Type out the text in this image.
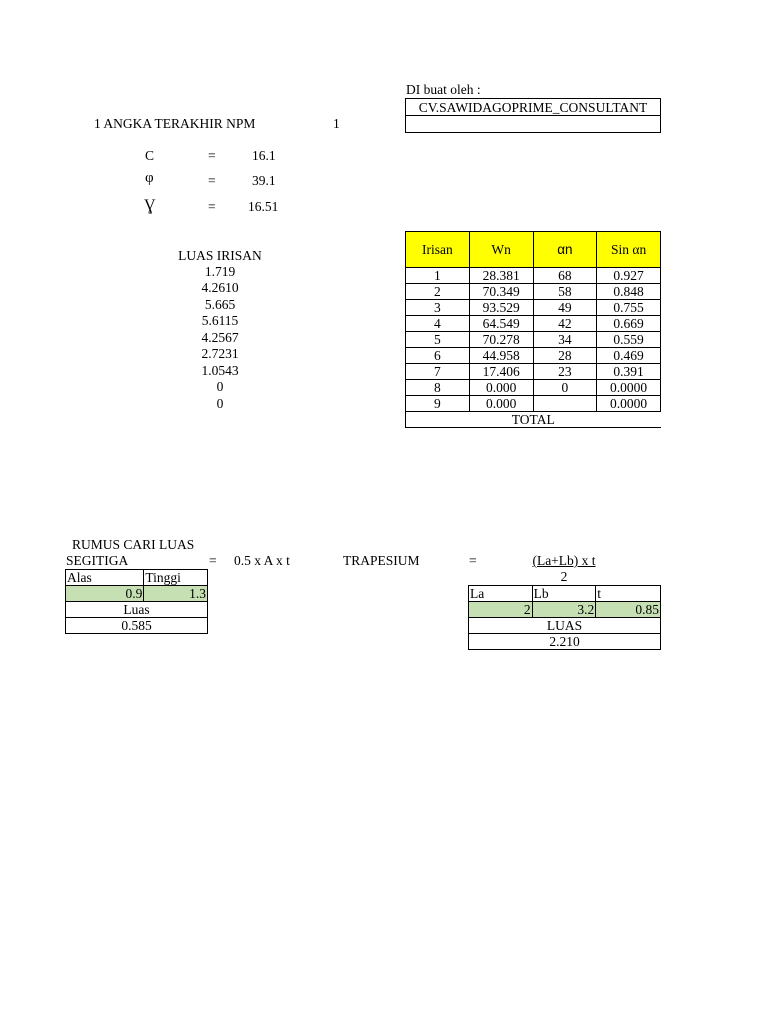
DI buat oleh :
CV.SAWIDAGOPRIME_CONSULTANT

1 ANGKA TERAKHIR NPM	1
C	=	16.1
φ	=	39.1
Ɣ	= 16.51
LUAS IRISAN
1.719
4.2610
5.665
5.6115
4.2567
2.7231
1.0543
0
0
Irisan	Wn	αn	Sin αn
1	28.381	68	0.927
2	70.349	58	0.848
3	93.529	49	0.755
4	64.549	42	0.669
5	70.278	34	0.559
6	44.958	28	0.469
7	17.406	23	0.391
8	0.000	0	0.0000
9	0.000		0.0000
TOTAL			
RUMUS CARI LUAS
SEGITIGA	= 0.5 x A x t
Alas	Tinggi
0.9	1.3
Luas	
0.585	
TRAPESIUM	=	(La+Lb) x t
2
La	Lb	t
2	3.2	0.85
LUAS		
2.210		
